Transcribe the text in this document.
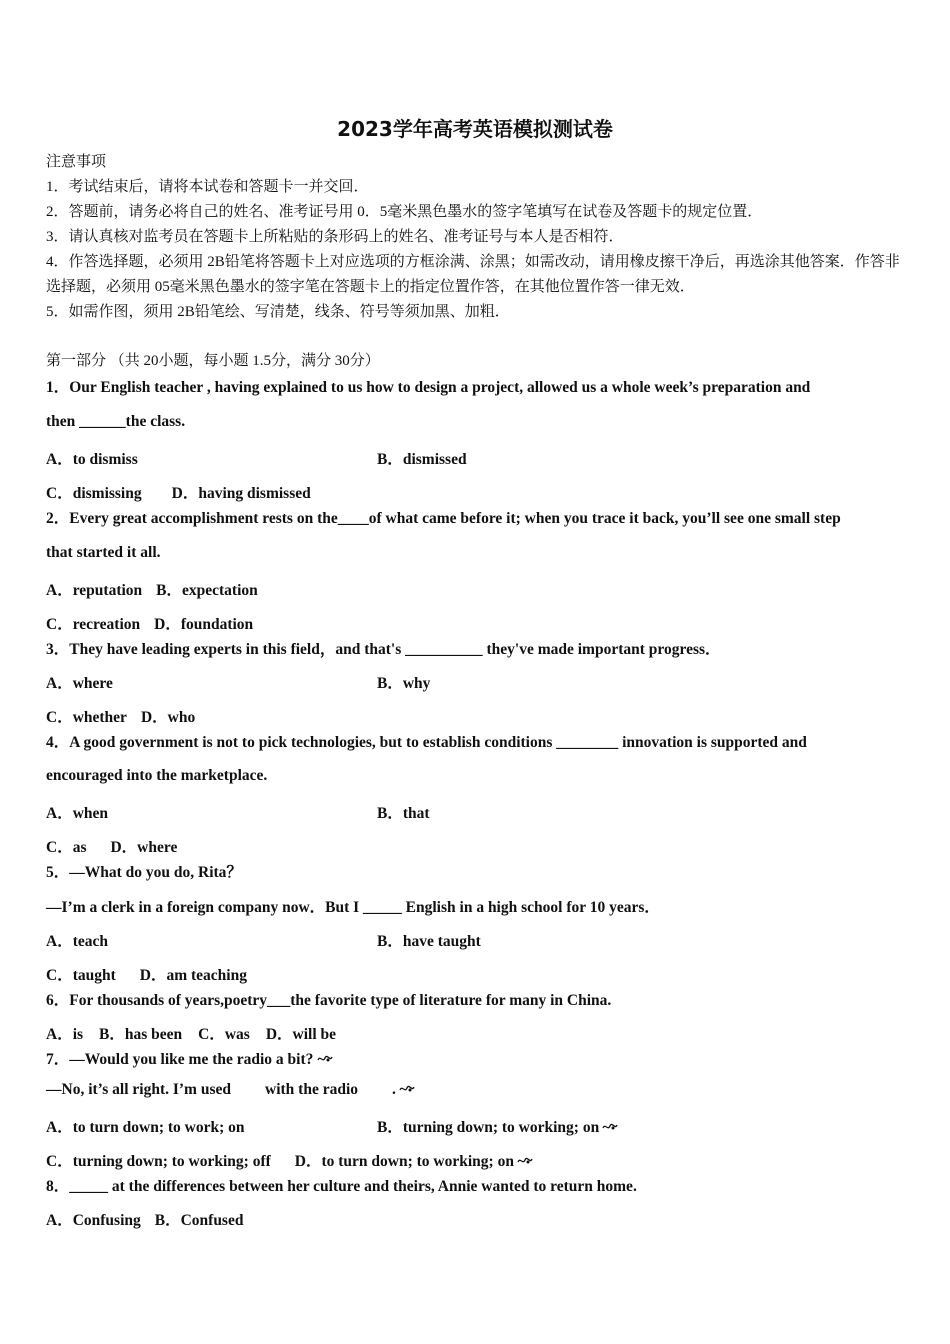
2023学年高考英语模拟测试卷
注意事项
1．考试结束后，请将本试卷和答题卡一并交回．
2．答题前，请务必将自己的姓名、准考证号用 0．5毫米黑色墨水的签字笔填写在试卷及答题卡的规定位置．
3．请认真核对监考员在答题卡上所粘贴的条形码上的姓名、准考证号与本人是否相符．
4．作答选择题，必须用 2B铅笔将答题卡上对应选项的方框涂满、涂黑；如需改动，请用橡皮擦干净后，再选涂其他答案．作答非选择题，必须用 05毫米黑色墨水的签字笔在答题卡上的指定位置作答，在其他位置作答一律无效．
5．如需作图，须用 2B铅笔绘、写清楚，线条、符号等须加黑、加粗．
第一部分 （共 20小题，每小题 1.5分，满分 30分）
1．Our English teacher , having explained to us how to design a project, allowed us a whole week’s preparation and
then ______the class.
A．to dismiss	B．dismissed
C．dismissing D．having dismissed
2．Every great accomplishment rests on the____of what came before it; when you trace it back, you’ll see one small step
that started it all.
A．reputation B．expectation
C．recreation D．foundation
3．They have leading experts in this field，and that's __________ they've made important progress．
A．where	B．why
C．whether D．who
4．A good government is not to pick technologies, but to establish conditions ________ innovation is supported and
encouraged into the marketplace.
A．when	B．that
C．as D．where
5．—What do you do, Rita？
—I’m a clerk in a foreign company now．But I _____ English in a high school for 10 years．
A．teach	B．have taught
C．taught D．am teaching
6．For thousands of years,poetry___the favorite type of literature for many in China.
A．is B．has been C．was D．will be
7．—Would you like me the radio a bit?
—No, it’s all right. I’m used with the radio .
A．to turn down; to work; on	B．turning down; to working; on
C．turning down; to working; off D．to turn down; to working; on
8．_____ at the differences between her culture and theirs, Annie wanted to return home.
A．Confusing B．Confused
